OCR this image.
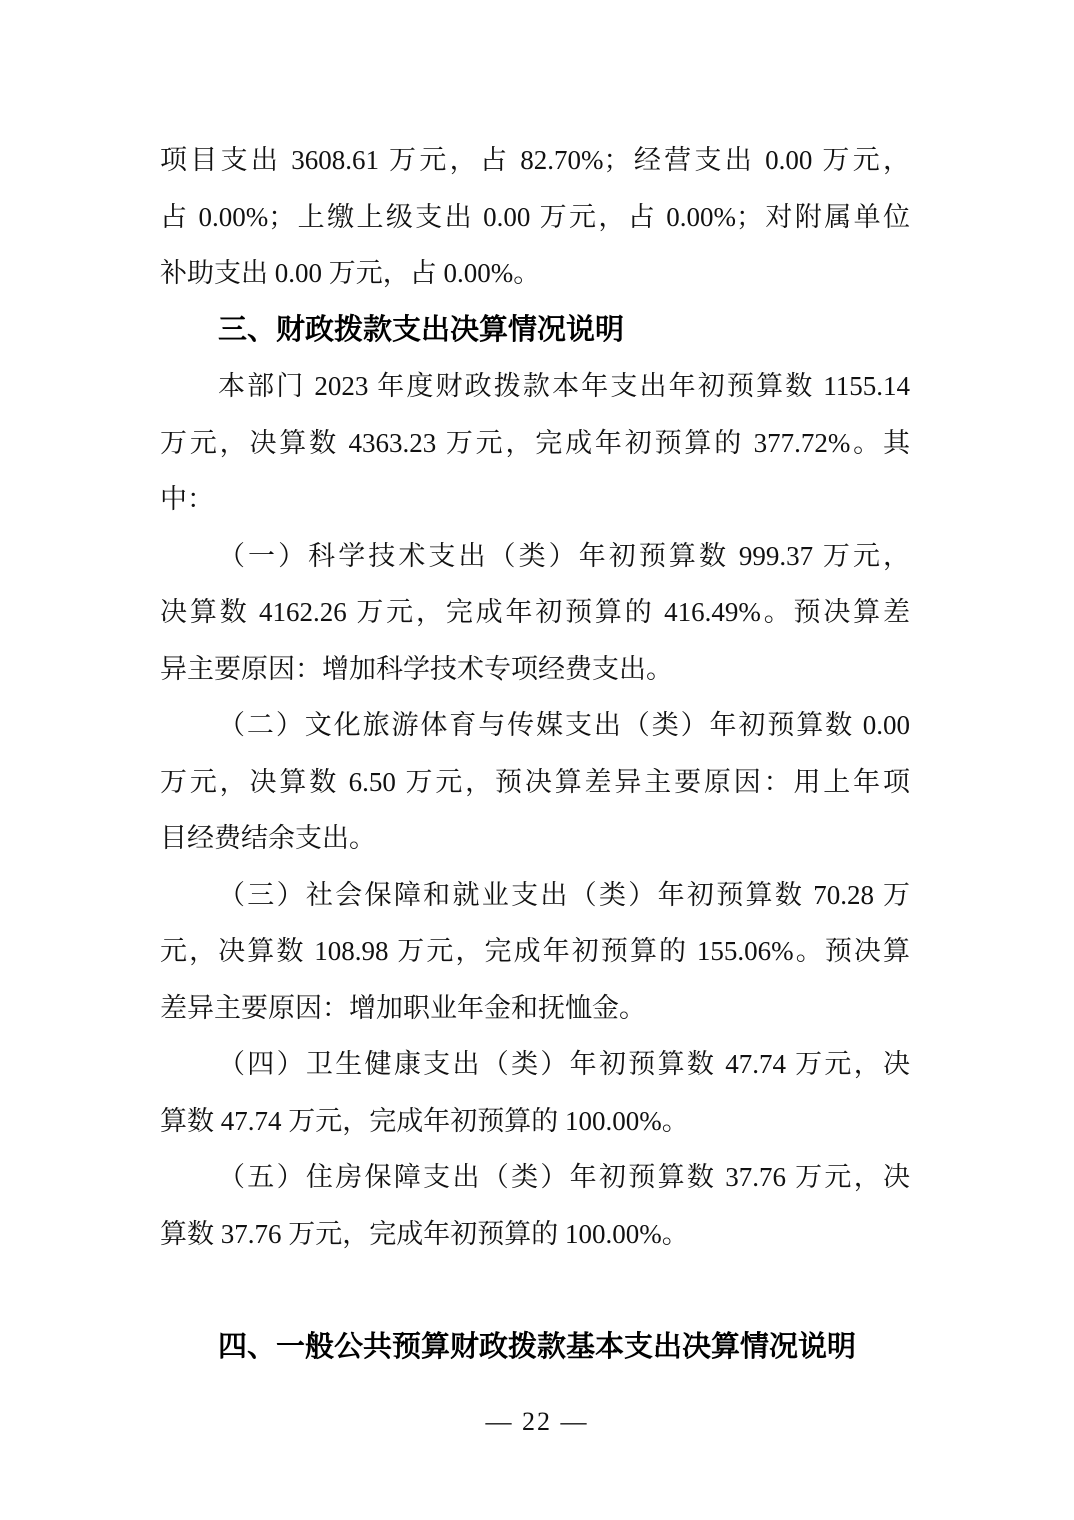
项目支出 3608.61 万元，占 82.70%；经营支出 0.00 万元，
占 0.00%；上缴上级支出 0.00 万元，占 0.00%；对附属单位
补助支出 0.00 万元，占 0.00%。
三、财政拨款支出决算情况说明
本部门 2023 年度财政拨款本年支出年初预算数 1155.14
万元，决算数 4363.23 万元，完成年初预算的 377.72%。其
中：
（一）科学技术支出（类）年初预算数 999.37 万元，
决算数 4162.26 万元，完成年初预算的 416.49%。预决算差
异主要原因：增加科学技术专项经费支出。
（二）文化旅游体育与传媒支出（类）年初预算数 0.00
万元，决算数 6.50 万元，预决算差异主要原因：用上年项
目经费结余支出。
（三）社会保障和就业支出（类）年初预算数 70.28 万
元，决算数 108.98 万元，完成年初预算的 155.06%。预决算
差异主要原因：增加职业年金和抚恤金。
（四）卫生健康支出（类）年初预算数 47.74 万元，决
算数 47.74 万元，完成年初预算的 100.00%。
（五）住房保障支出（类）年初预算数 37.76 万元，决
算数 37.76 万元，完成年初预算的 100.00%。
四、一般公共预算财政拨款基本支出决算情况说明
— 22 —
